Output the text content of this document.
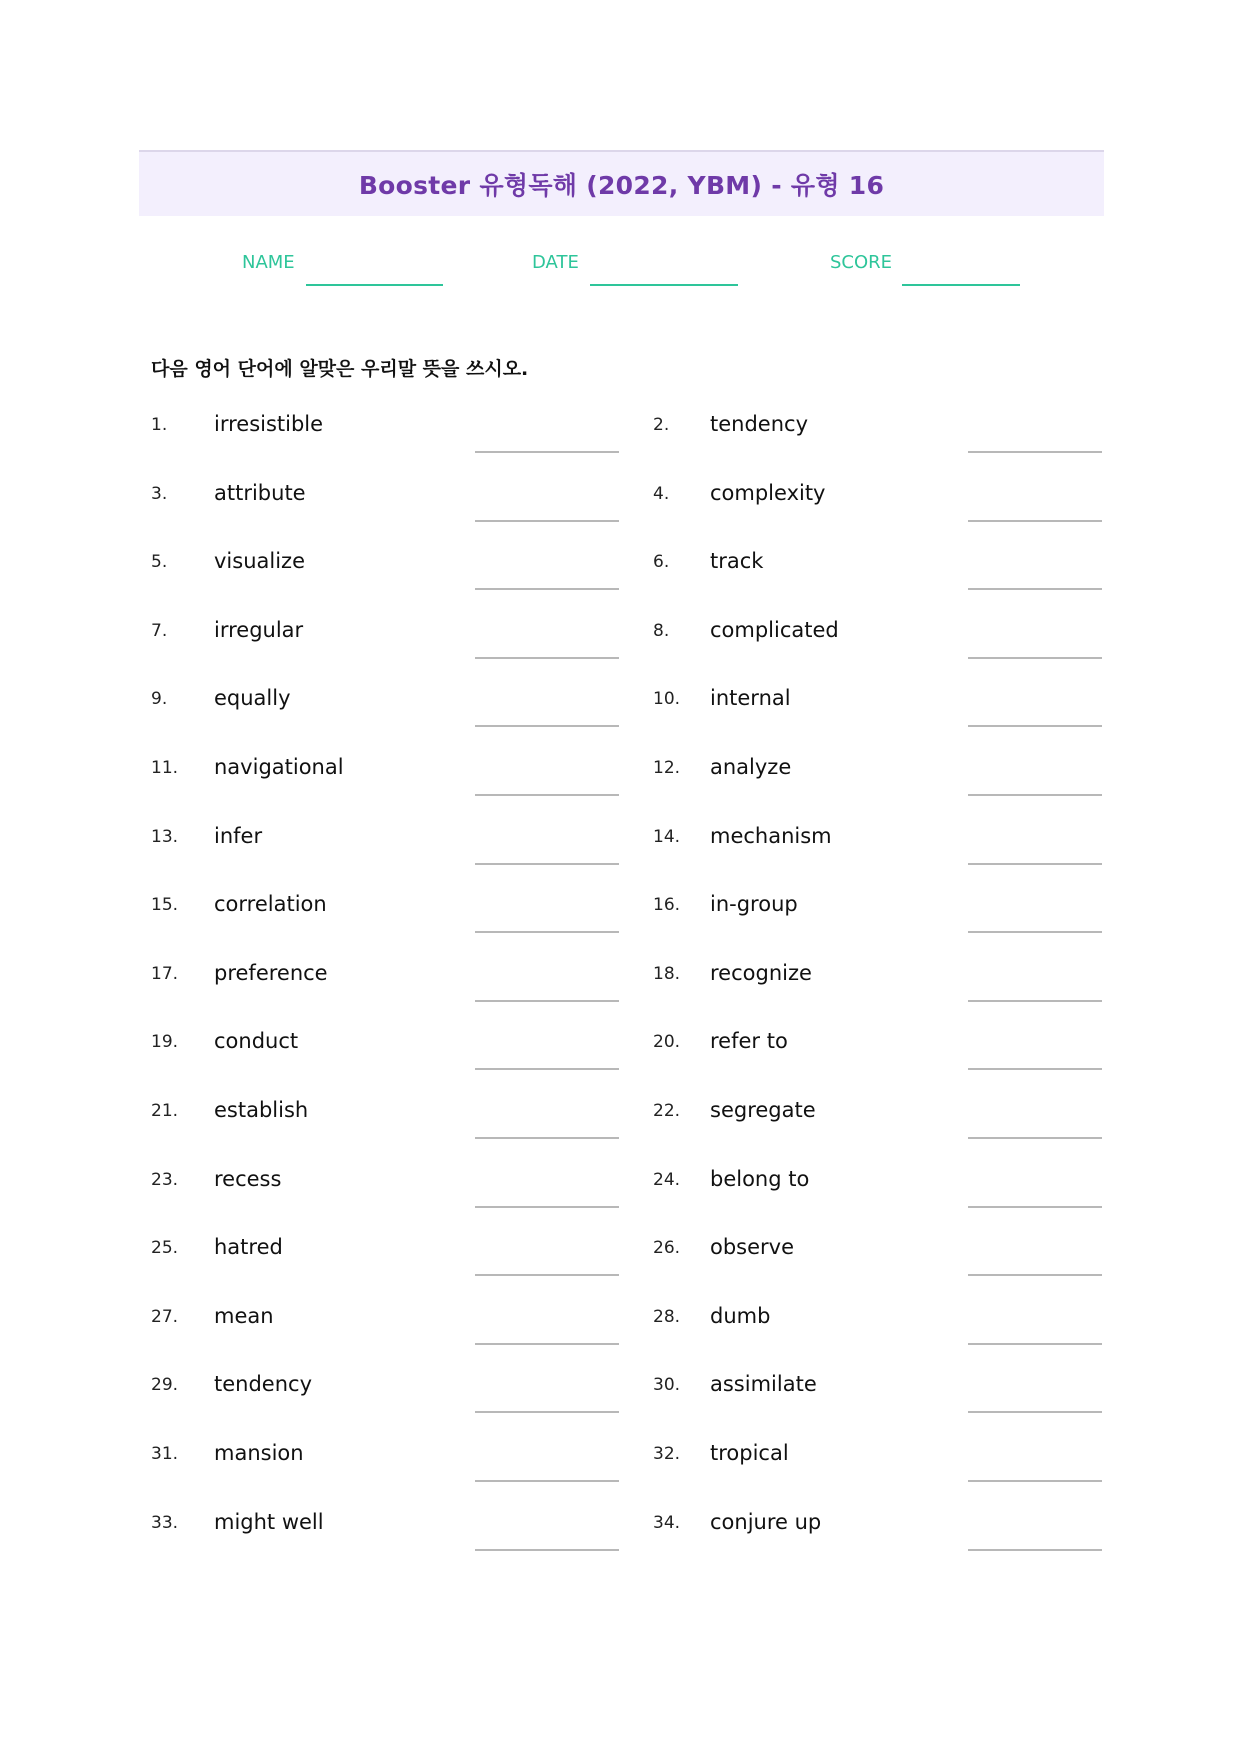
Booster 유형독해 (2022, YBM) - 유형 16
NAME	DATE	SCORE
다음 영어 단어에 알맞은 우리말 뜻을 쓰시오.
1. irresistible	2. tendency
3. attribute	4. complexity
5. visualize	6. track
7. irregular	8. complicated
9. equally	10. internal
11. navigational	12. analyze
13. infer	14. mechanism
15. correlation	16. in-group
17. preference	18. recognize
19. conduct	20. refer to
21. establish	22. segregate
23. recess	24. belong to
25. hatred	26. observe
27. mean	28. dumb
29. tendency	30. assimilate
31. mansion	32. tropical
33. might well	34. conjure up
